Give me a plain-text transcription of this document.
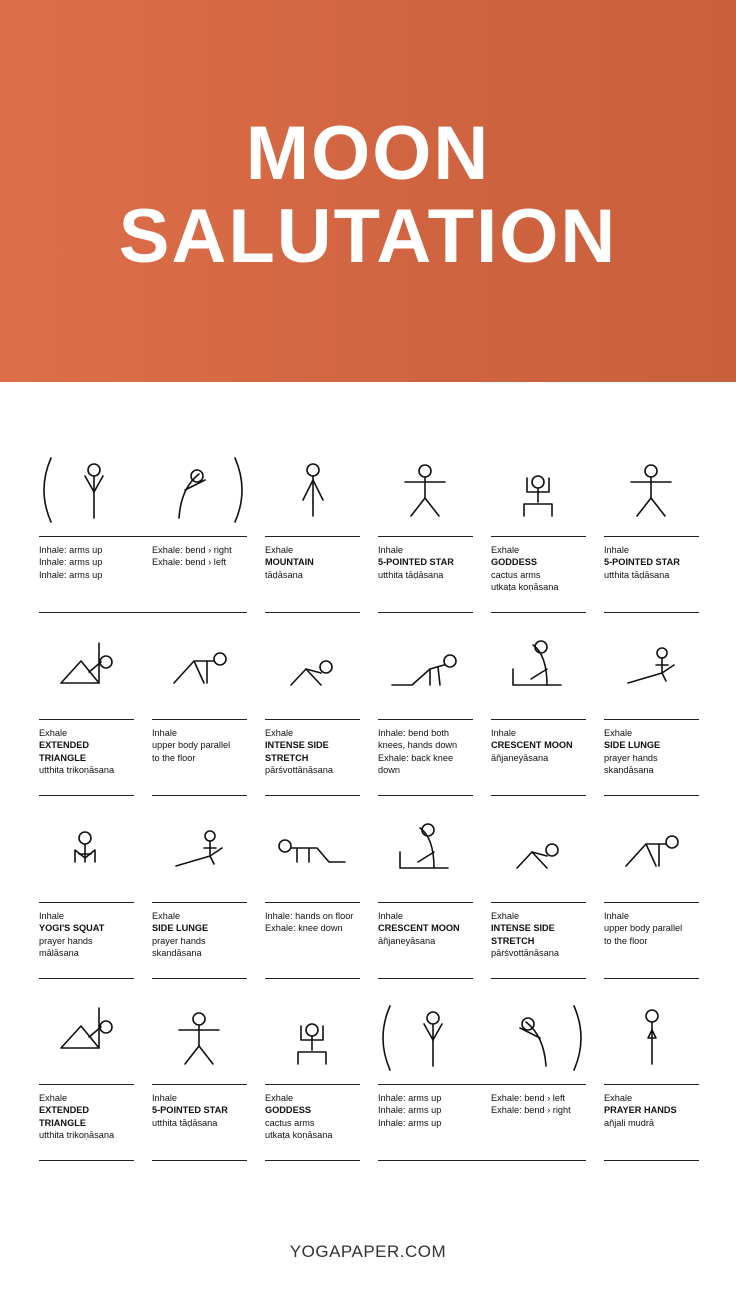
MOON
SALUTATION
Inhale: arms up
Inhale: arms up
Inhale: arms up
Exhale: bend › right
Exhale: bend › left
Exhale
MOUNTAIN
tāḍāsana
Inhale
5-POINTED STAR
utthita tāḍāsana
Exhale
GODDESS
cactus arms
utkaṭa koṇāsana
Inhale
5-POINTED STAR
utthita tāḍāsana
Exhale
EXTENDED
TRIANGLE
utthita trikoṇāsana
Inhale
upper body parallel
to the floor
Exhale
INTENSE SIDE
STRETCH
pārśvottānāsana
Inhale: bend both
knees, hands down
Exhale: back knee
down
Inhale
CRESCENT MOON
āñjaneyāsana
Exhale
SIDE LUNGE
prayer hands
skandāsana
Inhale
YOGI'S SQUAT
prayer hands
mālāsana
Exhale
SIDE LUNGE
prayer hands
skandāsana
Inhale: hands on floor
Exhale: knee down
Inhale
CRESCENT MOON
āñjaneyāsana
Exhale
INTENSE SIDE
STRETCH
pārśvottānāsana
Inhale
upper body parallel
to the floor
Exhale
EXTENDED
TRIANGLE
utthita trikoṇāsana
Inhale
5-POINTED STAR
utthita tāḍāsana
Exhale
GODDESS
cactus arms
utkaṭa koṇāsana
Inhale: arms up
Inhale: arms up
Inhale: arms up
Exhale: bend › left
Exhale: bend › right
Exhale
PRAYER HANDS
añjali mudrā
YOGAPAPER.COM
